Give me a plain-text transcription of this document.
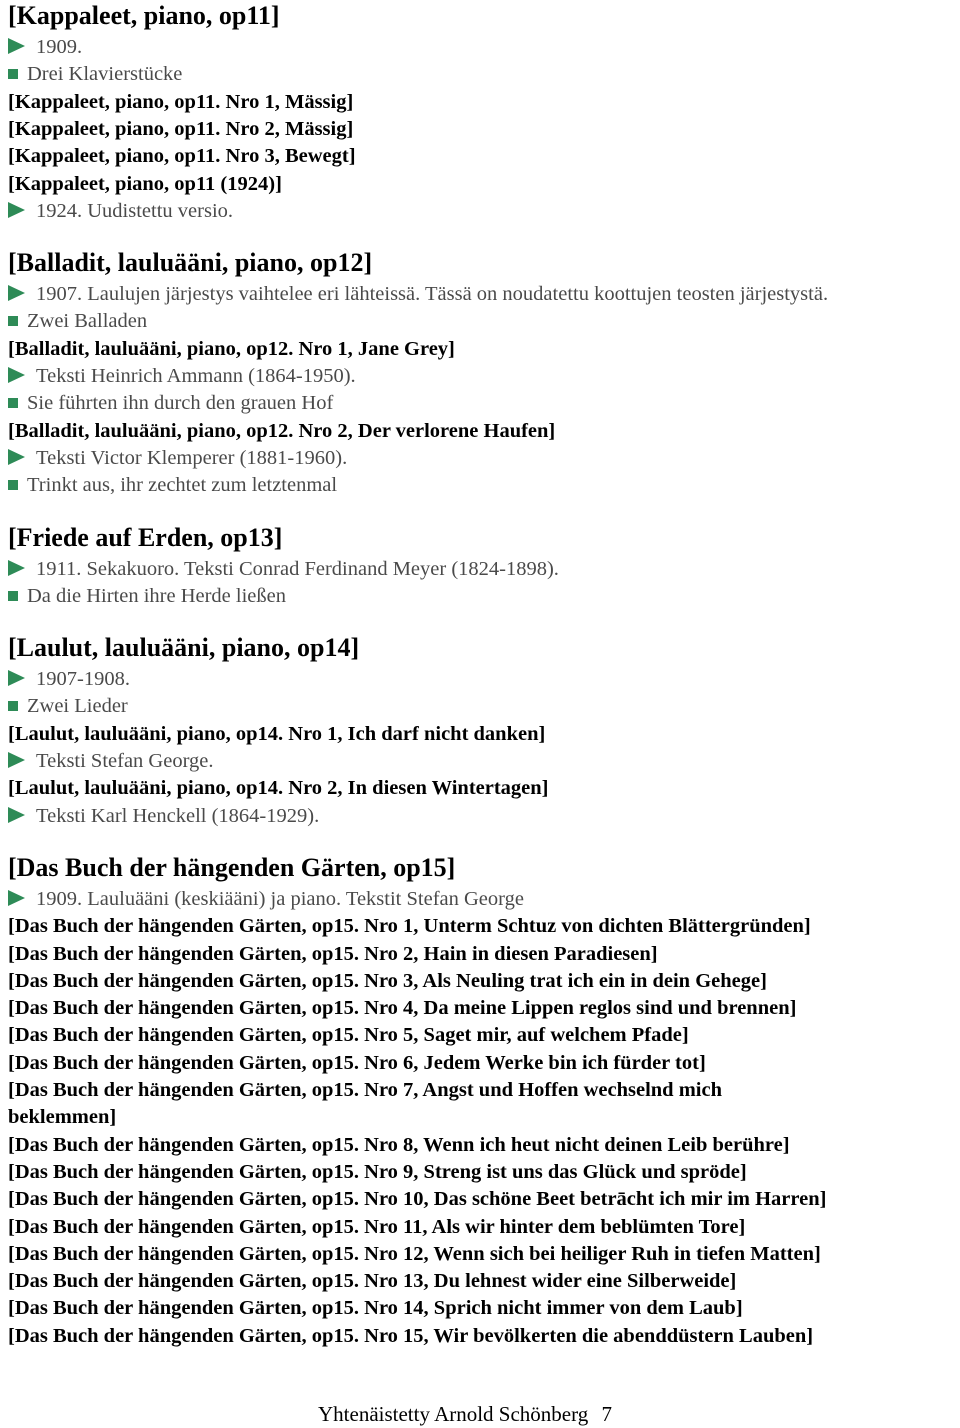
[Kappaleet, piano, op11]
1909.
Drei Klavierstücke
[Kappaleet, piano, op11. Nro 1, Mässig]
[Kappaleet, piano, op11. Nro 2, Mässig]
[Kappaleet, piano, op11. Nro 3, Bewegt]
[Kappaleet, piano, op11 (1924)]
1924. Uudistettu versio.
[Balladit, lauluääni, piano, op12]
1907. Laulujen järjestys vaihtelee eri lähteissä. Tässä on noudatettu koottujen teosten järjestystä.
Zwei Balladen
[Balladit, lauluääni, piano, op12. Nro 1, Jane Grey]
Teksti Heinrich Ammann (1864-1950).
Sie führten ihn durch den grauen Hof
[Balladit, lauluääni, piano, op12. Nro 2, Der verlorene Haufen]
Teksti Victor Klemperer (1881-1960).
Trinkt aus, ihr zechtet zum letztenmal
[Friede auf Erden, op13]
1911. Sekakuoro. Teksti Conrad Ferdinand Meyer (1824-1898).
Da die Hirten ihre Herde ließen
[Laulut, lauluääni, piano, op14]
1907-1908.
Zwei Lieder
[Laulut, lauluääni, piano, op14. Nro 1, Ich darf nicht danken]
Teksti Stefan George.
[Laulut, lauluääni, piano, op14. Nro 2, In diesen Wintertagen]
Teksti Karl Henckell (1864-1929).
[Das Buch der hängenden Gärten, op15]
1909. Lauluääni (keskiääni) ja piano. Tekstit Stefan George
[Das Buch der hängenden Gärten, op15. Nro 1, Unterm Schtuz von dichten Blättergründen]
[Das Buch der hängenden Gärten, op15. Nro 2, Hain in diesen Paradiesen]
[Das Buch der hängenden Gärten, op15. Nro 3, Als Neuling trat ich ein in dein Gehege]
[Das Buch der hängenden Gärten, op15. Nro 4, Da meine Lippen reglos sind und brennen]
[Das Buch der hängenden Gärten, op15. Nro 5, Saget mir, auf welchem Pfade]
[Das Buch der hängenden Gärten, op15. Nro 6, Jedem Werke bin ich fürder tot]
[Das Buch der hängenden Gärten, op15. Nro 7, Angst und Hoffen wechselnd mich
beklemmen]
[Das Buch der hängenden Gärten, op15. Nro 8, Wenn ich heut nicht deinen Leib berühre]
[Das Buch der hängenden Gärten, op15. Nro 9, Streng ist uns das Glück und spröde]
[Das Buch der hängenden Gärten, op15. Nro 10, Das schöne Beet betrācht ich mir im Harren]
[Das Buch der hängenden Gärten, op15. Nro 11, Als wir hinter dem beblümten Tore]
[Das Buch der hängenden Gärten, op15. Nro 12, Wenn sich bei heiliger Ruh in tiefen Matten]
[Das Buch der hängenden Gärten, op15. Nro 13, Du lehnest wider eine Silberweide]
[Das Buch der hängenden Gärten, op15. Nro 14, Sprich nicht immer von dem Laub]
[Das Buch der hängenden Gärten, op15. Nro 15, Wir bevölkerten die abenddüstern Lauben]
Yhtenäistetty Arnold Schönberg 7
